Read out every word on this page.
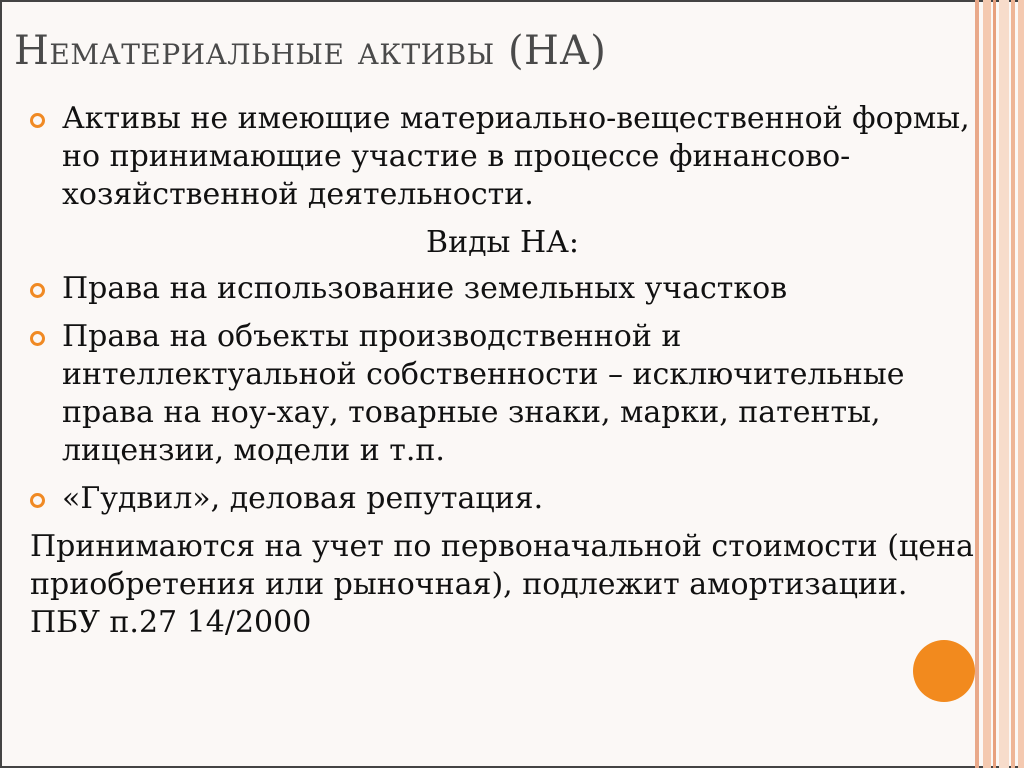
Нематериальные активы (НА)
Активы не имеющие материально-вещественной формы, но принимающие участие в процессе финансово-хозяйственной деятельности.
Виды НА:
Права на использование земельных участков
Права на объекты производственной и интеллектуальной собственности – исключительные права на ноу-хау, товарные знаки, марки, патенты, лицензии, модели и т.п.
«Гудвил», деловая репутация.
Принимаются на учет по первоначальной стоимости (цена приобретения или рыночная), подлежит амортизации. ПБУ п.27 14/2000
